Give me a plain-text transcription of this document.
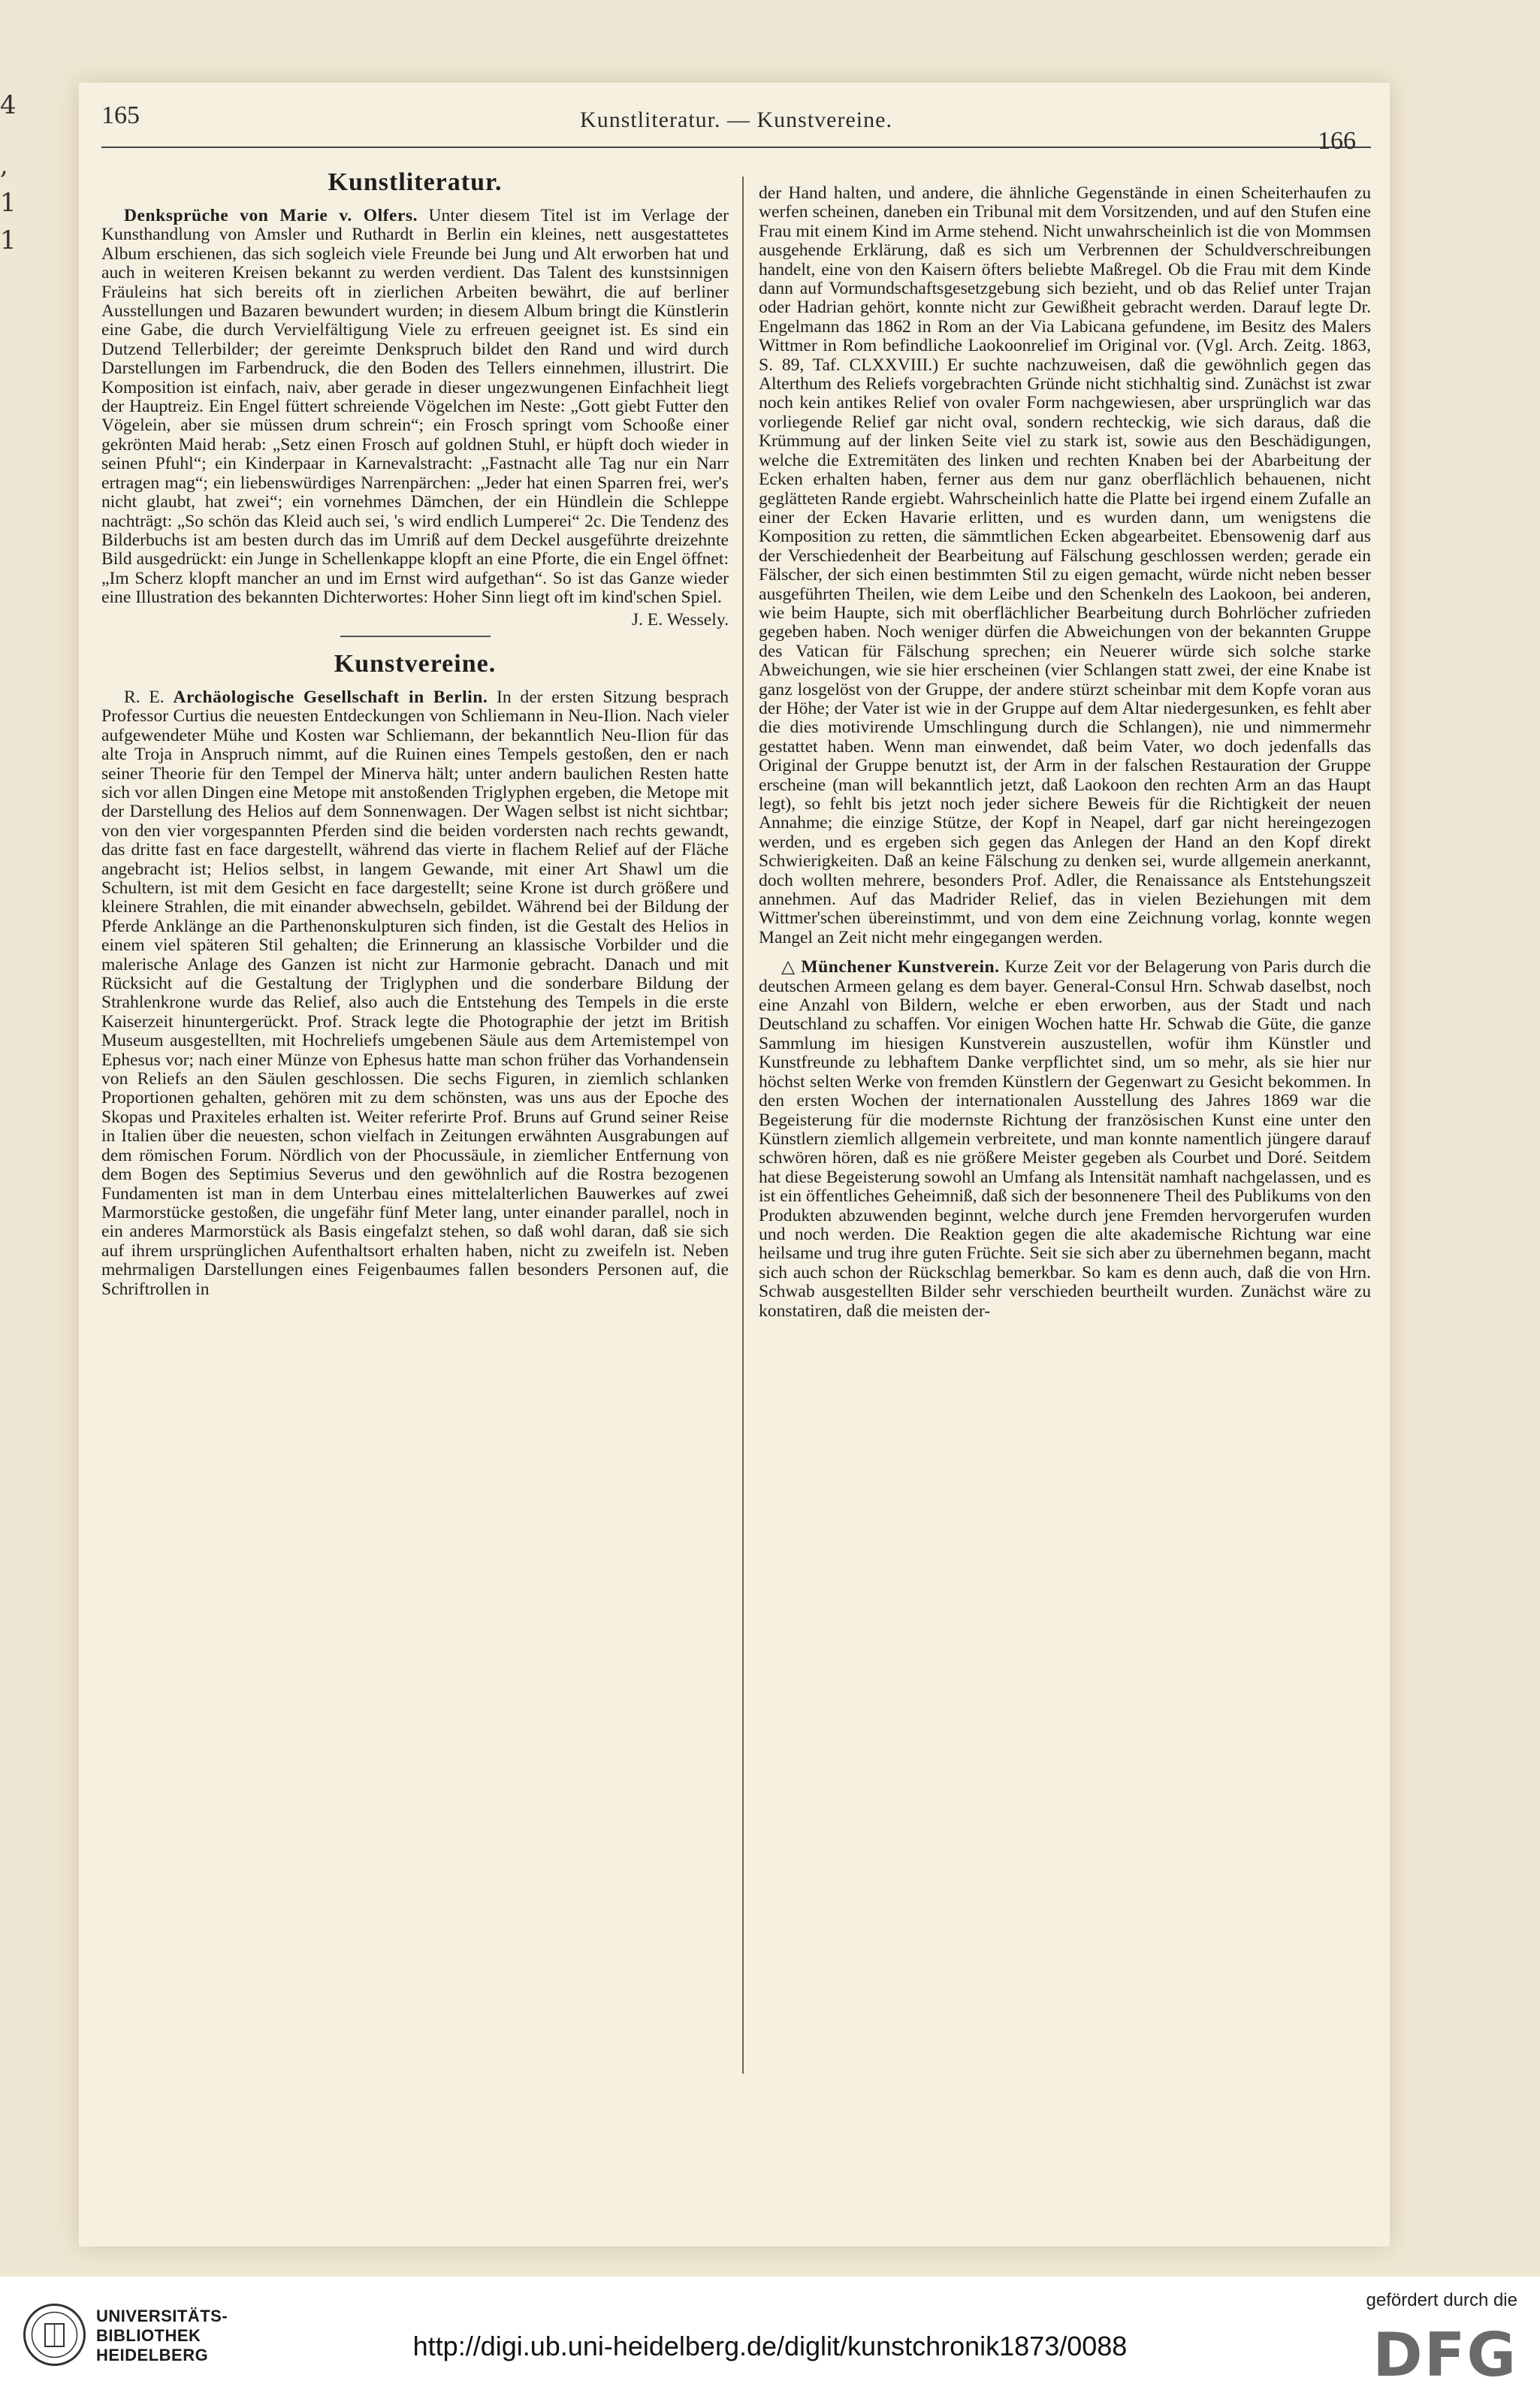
4
,
1
1
165	Kunstliteratur. — Kunstvereine.
166
Kunstliteratur.

Denksprüche von Marie v. Olfers. Unter diesem Titel ist im Verlage der Kunsthandlung von Amsler und Ruthardt in Berlin ein kleines, nett ausgestattetes Album erschienen, das sich sogleich viele Freunde bei Jung und Alt erworben hat und auch in weiteren Kreisen bekannt zu werden verdient. Das Talent des kunstsinnigen Fräuleins hat sich bereits oft in zierlichen Arbeiten bewährt, die auf berliner Ausstellungen und Bazaren bewundert wurden; in diesem Album bringt die Künstlerin eine Gabe, die durch Vervielfältigung Viele zu erfreuen geeignet ist. Es sind ein Dutzend Tellerbilder; der gereimte Denkspruch bildet den Rand und wird durch Darstellungen im Farbendruck, die den Boden des Tellers einnehmen, illustrirt. Die Komposition ist einfach, naiv, aber gerade in dieser ungezwungenen Einfachheit liegt der Hauptreiz. Ein Engel füttert schreiende Vögelchen im Neste: „Gott giebt Futter den Vögelein, aber sie müssen drum schrein“; ein Frosch springt vom Schooße einer gekrönten Maid herab: „Setz einen Frosch auf goldnen Stuhl, er hüpft doch wieder in seinen Pfuhl“; ein Kinderpaar in Karnevalstracht: „Fastnacht alle Tag nur ein Narr ertragen mag“; ein liebenswürdiges Narrenpärchen: „Jeder hat einen Sparren frei, wer's nicht glaubt, hat zwei“; ein vornehmes Dämchen, der ein Hündlein die Schleppe nachträgt: „So schön das Kleid auch sei, 's wird endlich Lumperei“ 2c. Die Tendenz des Bilderbuchs ist am besten durch das im Umriß auf dem Deckel ausgeführte dreizehnte Bild ausgedrückt: ein Junge in Schellenkappe klopft an eine Pforte, die ein Engel öffnet: „Im Scherz klopft mancher an und im Ernst wird aufgethan“. So ist das Ganze wieder eine Illustration des bekannten Dichterwortes: Hoher Sinn liegt oft im kind'schen Spiel.

J. E. Wessely.
Kunstvereine.

R. E. Archäologische Gesellschaft in Berlin. In der ersten Sitzung besprach Professor Curtius die neuesten Entdeckungen von Schliemann in Neu-Ilion. Nach vieler aufgewendeter Mühe und Kosten war Schliemann, der bekanntlich Neu-Ilion für das alte Troja in Anspruch nimmt, auf die Ruinen eines Tempels gestoßen, den er nach seiner Theorie für den Tempel der Minerva hält; unter andern baulichen Resten hatte sich vor allen Dingen eine Metope mit anstoßenden Triglyphen ergeben, die Metope mit der Darstellung des Helios auf dem Sonnenwagen. Der Wagen selbst ist nicht sichtbar; von den vier vorgespannten Pferden sind die beiden vordersten nach rechts gewandt, das dritte fast en face dargestellt, während das vierte in flachem Relief auf der Fläche angebracht ist; Helios selbst, in langem Gewande, mit einer Art Shawl um die Schultern, ist mit dem Gesicht en face dargestellt; seine Krone ist durch größere und kleinere Strahlen, die mit einander abwechseln, gebildet. Während bei der Bildung der Pferde Anklänge an die Parthenonskulpturen sich finden, ist die Gestalt des Helios in einem viel späteren Stil gehalten; die Erinnerung an klassische Vorbilder und die malerische Anlage des Ganzen ist nicht zur Harmonie gebracht. Danach und mit Rücksicht auf die Gestaltung der Triglyphen und die sonderbare Bildung der Strahlenkrone wurde das Relief, also auch die Entstehung des Tempels in die erste Kaiserzeit hinuntergerückt. Prof. Strack legte die Photographie der jetzt im British Museum ausgestellten, mit Hochreliefs umgebenen Säule aus dem Artemistempel von Ephesus vor; nach einer Münze von Ephesus hatte man schon früher das Vorhandensein von Reliefs an den Säulen geschlossen. Die sechs Figuren, in ziemlich schlanken Proportionen gehalten, gehören mit zu dem schönsten, was uns aus der Epoche des Skopas und Praxiteles erhalten ist. Weiter referirte Prof. Bruns auf Grund seiner Reise in Italien über die neuesten, schon vielfach in Zeitungen erwähnten Ausgrabungen auf dem römischen Forum. Nördlich von der Phocussäule, in ziemlicher Entfernung von dem Bogen des Septimius Severus und den gewöhnlich auf die Rostra bezogenen Fundamenten ist man in dem Unterbau eines mittelalterlichen Bauwerkes auf zwei Marmorstücke gestoßen, die ungefähr fünf Meter lang, unter einander parallel, noch in ein anderes Marmorstück als Basis eingefalzt stehen, so daß wohl daran, daß sie sich auf ihrem ursprünglichen Aufenthaltsort erhalten haben, nicht zu zweifeln ist. Neben mehrmaligen Darstellungen eines Feigenbaumes fallen besonders Personen auf, die Schriftrollen in

der Hand halten, und andere, die ähnliche Gegenstände in einen Scheiterhaufen zu werfen scheinen, daneben ein Tribunal mit dem Vorsitzenden, und auf den Stufen eine Frau mit einem Kind im Arme stehend. Nicht unwahrscheinlich ist die von Mommsen ausgehende Erklärung, daß es sich um Verbrennen der Schuldverschreibungen handelt, eine von den Kaisern öfters beliebte Maßregel. Ob die Frau mit dem Kinde dann auf Vormundschaftsgesetzgebung sich bezieht, und ob das Relief unter Trajan oder Hadrian gehört, konnte nicht zur Gewißheit gebracht werden. Darauf legte Dr. Engelmann das 1862 in Rom an der Via Labicana gefundene, im Besitz des Malers Wittmer in Rom befindliche Laokoonrelief im Original vor. (Vgl. Arch. Zeitg. 1863, S. 89, Taf. CLXXVIII.) Er suchte nachzuweisen, daß die gewöhnlich gegen das Alterthum des Reliefs vorgebrachten Gründe nicht stichhaltig sind. Zunächst ist zwar noch kein antikes Relief von ovaler Form nachgewiesen, aber ursprünglich war das vorliegende Relief gar nicht oval, sondern rechteckig, wie sich daraus, daß die Krümmung auf der linken Seite viel zu stark ist, sowie aus den Beschädigungen, welche die Extremitäten des linken und rechten Knaben bei der Abarbeitung der Ecken erhalten haben, ferner aus dem nur ganz oberflächlich behauenen, nicht geglätteten Rande ergiebt. Wahrscheinlich hatte die Platte bei irgend einem Zufalle an einer der Ecken Havarie erlitten, und es wurden dann, um wenigstens die Komposition zu retten, die sämmtlichen Ecken abgearbeitet. Ebensowenig darf aus der Verschiedenheit der Bearbeitung auf Fälschung geschlossen werden; gerade ein Fälscher, der sich einen bestimmten Stil zu eigen gemacht, würde nicht neben besser ausgeführten Theilen, wie dem Leibe und den Schenkeln des Laokoon, bei anderen, wie beim Haupte, sich mit oberflächlicher Bearbeitung durch Bohrlöcher zufrieden gegeben haben. Noch weniger dürfen die Abweichungen von der bekannten Gruppe des Vatican für Fälschung sprechen; ein Neuerer würde sich solche starke Abweichungen, wie sie hier erscheinen (vier Schlangen statt zwei, der eine Knabe ist ganz losgelöst von der Gruppe, der andere stürzt scheinbar mit dem Kopfe voran aus der Höhe; der Vater ist wie in der Gruppe auf dem Altar niedergesunken, es fehlt aber die dies motivirende Umschlingung durch die Schlangen), nie und nimmermehr gestattet haben. Wenn man einwendet, daß beim Vater, wo doch jedenfalls das Original der Gruppe benutzt ist, der Arm in der falschen Restauration der Gruppe erscheine (man will bekanntlich jetzt, daß Laokoon den rechten Arm an das Haupt legt), so fehlt bis jetzt noch jeder sichere Beweis für die Richtigkeit der neuen Annahme; die einzige Stütze, der Kopf in Neapel, darf gar nicht hereingezogen werden, und es ergeben sich gegen das Anlegen der Hand an den Kopf direkt Schwierigkeiten. Daß an keine Fälschung zu denken sei, wurde allgemein anerkannt, doch wollten mehrere, besonders Prof. Adler, die Renaissance als Entstehungszeit annehmen. Auf das Madrider Relief, das in vielen Beziehungen mit dem Wittmer'schen übereinstimmt, und von dem eine Zeichnung vorlag, konnte wegen Mangel an Zeit nicht mehr eingegangen werden.

△ Münchener Kunstverein. Kurze Zeit vor der Belagerung von Paris durch die deutschen Armeen gelang es dem bayer. General-Consul Hrn. Schwab daselbst, noch eine Anzahl von Bildern, welche er eben erworben, aus der Stadt und nach Deutschland zu schaffen. Vor einigen Wochen hatte Hr. Schwab die Güte, die ganze Sammlung im hiesigen Kunstverein auszustellen, wofür ihm Künstler und Kunstfreunde zu lebhaftem Danke verpflichtet sind, um so mehr, als sie hier nur höchst selten Werke von fremden Künstlern der Gegenwart zu Gesicht bekommen. In den ersten Wochen der internationalen Ausstellung des Jahres 1869 war die Begeisterung für die modernste Richtung der französischen Kunst eine unter den Künstlern ziemlich allgemein verbreitete, und man konnte namentlich jüngere darauf schwören hören, daß es nie größere Meister gegeben als Courbet und Doré. Seitdem hat diese Begeisterung sowohl an Umfang als Intensität namhaft nachgelassen, und es ist ein öffentliches Geheimniß, daß sich der besonnenere Theil des Publikums von den Produkten abzuwenden beginnt, welche durch jene Fremden hervorgerufen wurden und noch werden. Die Reaktion gegen die alte akademische Richtung war eine heilsame und trug ihre guten Früchte. Seit sie sich aber zu übernehmen begann, macht sich auch schon der Rückschlag bemerkbar. So kam es denn auch, daß die von Hrn. Schwab ausgestellten Bilder sehr verschieden beurtheilt wurden. Zunächst wäre zu konstatiren, daß die meisten der-

UNIVERSITÄTS-
BIBLIOTHEK
HEIDELBERG	http://digi.ub.uni-heidelberg.de/diglit/kunstchronik1873/0088
gefördert durch die
DFG
